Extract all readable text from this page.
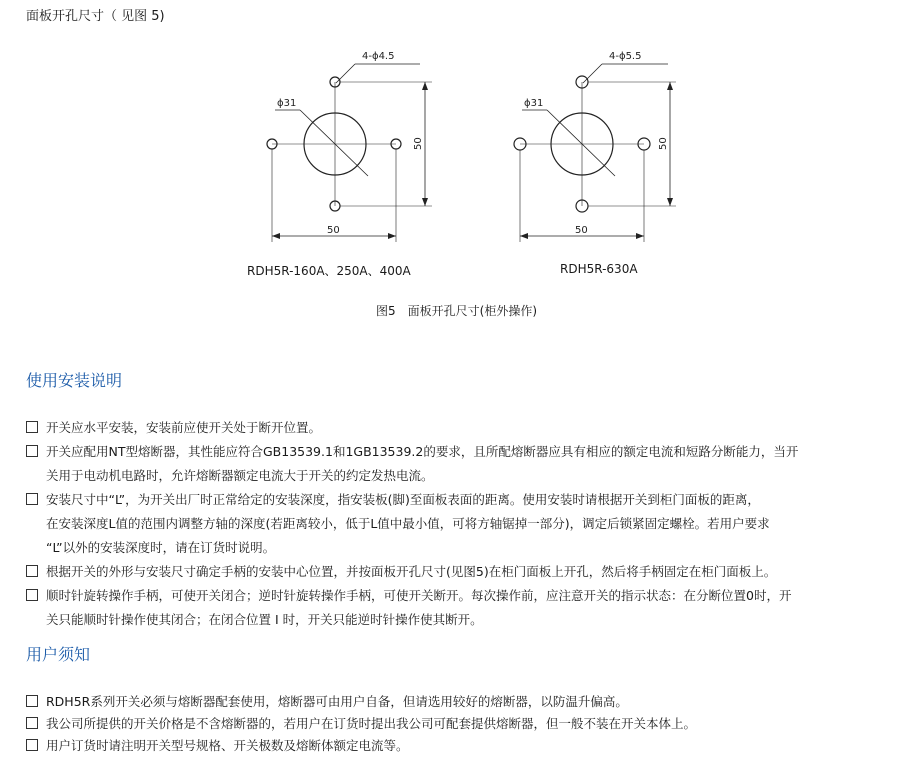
面板开孔尺寸（ 见图 5)
4-ϕ4.5
ϕ31
50
50
4-ϕ5.5
ϕ31
50
50
RDH5R-160A、250A、400A	RDH5R-630A
图5　面板开孔尺寸(柜外操作)
使用安装说明
开关应水平安装，安装前应使开关处于断开位置。
开关应配用NT型熔断器，其性能应符合GB13539.1和1GB13539.2的要求，且所配熔断器应具有相应的额定电流和短路分断能力，当开
关用于电动机电路时，允许熔断器额定电流大于开关的约定发热电流。
安装尺寸中“L”，为开关出厂时正常给定的安装深度，指安装板(脚)至面板表面的距离。使用安装时请根据开关到柜门面板的距离，
在安装深度L值的范围内调整方轴的深度(若距离较小，低于L值中最小值，可将方轴锯掉一部分)，调定后锁紧固定螺栓。若用户要求
“L”以外的安装深度时，请在订货时说明。
根据开关的外形与安装尺寸确定手柄的安装中心位置，并按面板开孔尺寸(见图5)在柜门面板上开孔，然后将手柄固定在柜门面板上。
顺时针旋转操作手柄，可使开关闭合；逆时针旋转操作手柄，可使开关断开。每次操作前，应注意开关的指示状态：在分断位置0时，开
关只能顺时针操作使其闭合；在闭合位置 I 时，开关只能逆时针操作使其断开。
用户须知
RDH5R系列开关必须与熔断器配套使用，熔断器可由用户自备，但请选用较好的熔断器，以防温升偏高。
我公司所提供的开关价格是不含熔断器的，若用户在订货时提出我公司可配套提供熔断器，但一般不装在开关本体上。
用户订货时请注明开关型号规格、开关极数及熔断体额定电流等。
